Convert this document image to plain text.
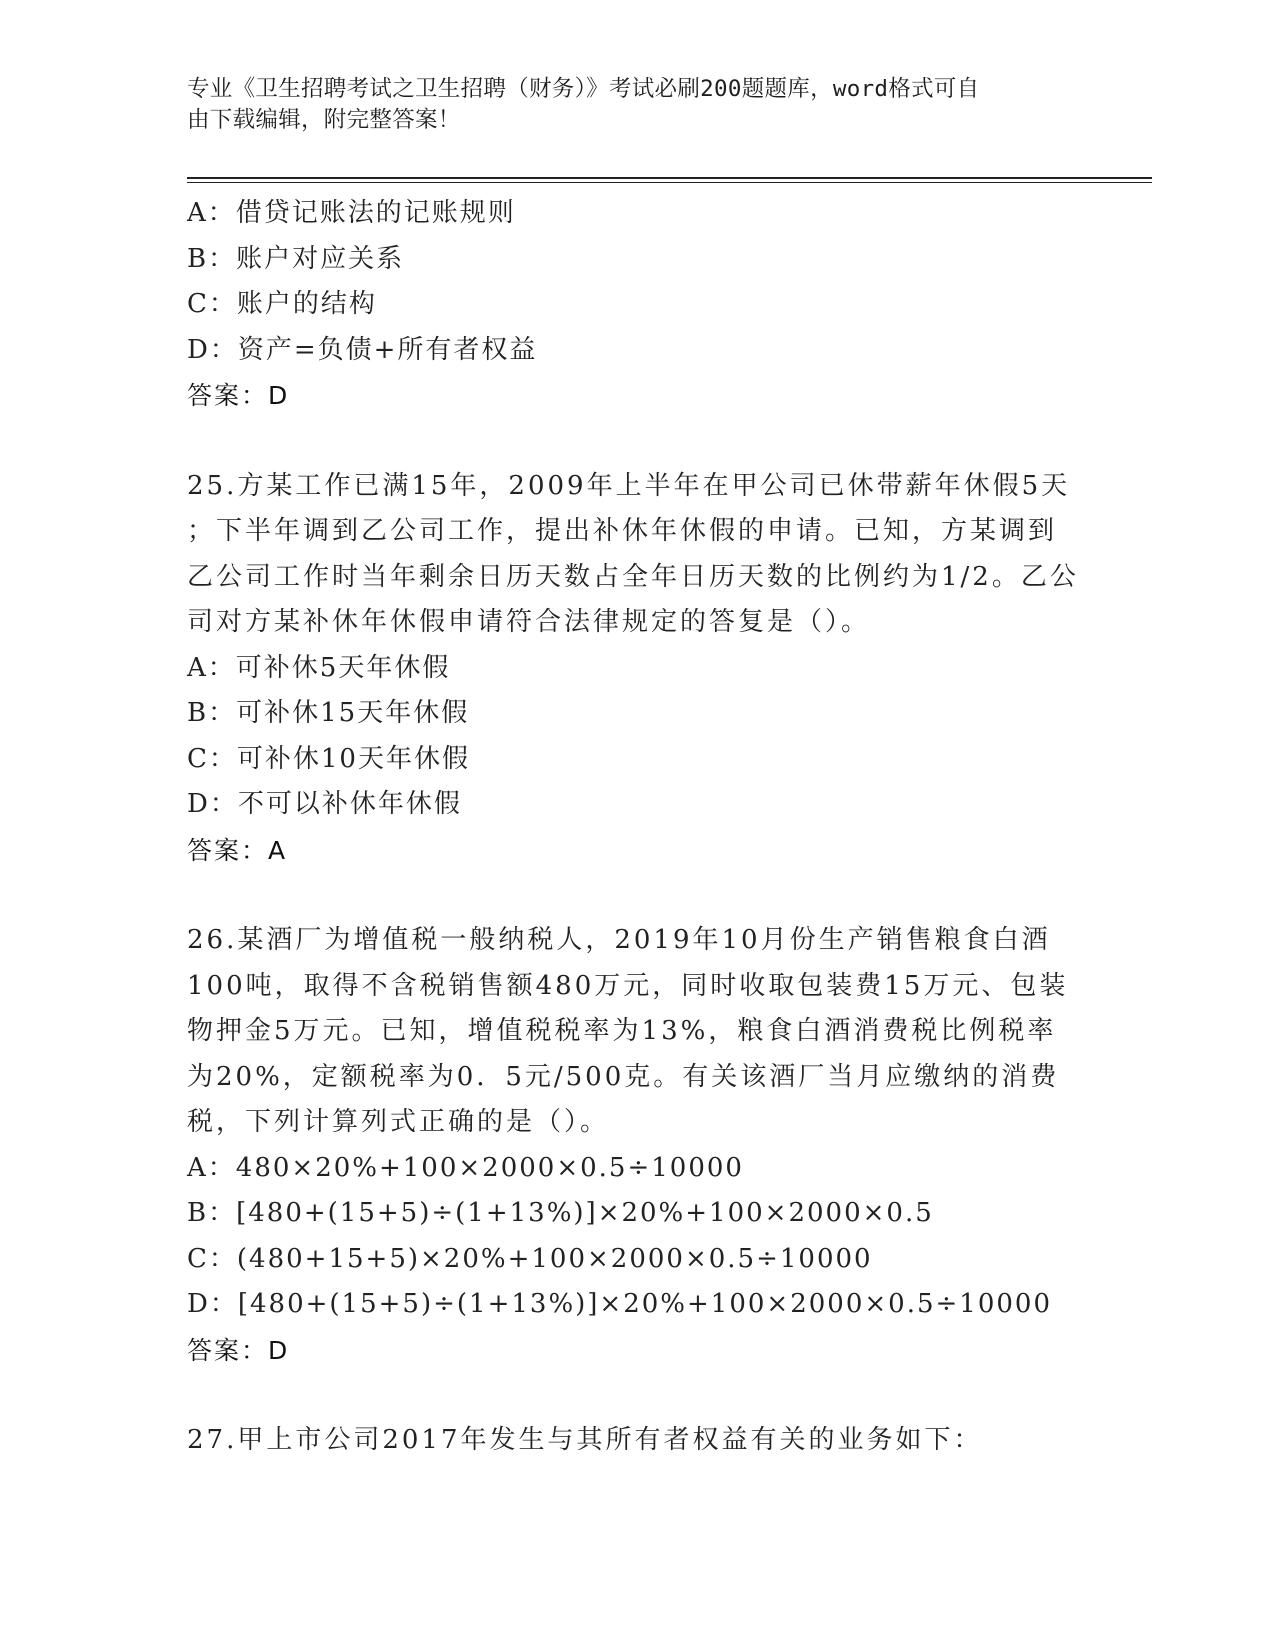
专业《卫生招聘考试之卫生招聘（财务）》考试必刷200题题库，word格式可自
由下载编辑，附完整答案！
A：借贷记账法的记账规则
B：账户对应关系
C：账户的结构
D：资产=负债+所有者权益
答案：D
25.方某工作已满15年，2009年上半年在甲公司已休带薪年休假5天
；下半年调到乙公司工作，提出补休年休假的申请。已知，方某调到
乙公司工作时当年剩余日历天数占全年日历天数的比例约为1/2。乙公
司对方某补休年休假申请符合法律规定的答复是（）。
A：可补休5天年休假
B：可补休15天年休假
C：可补休10天年休假
D：不可以补休年休假
答案：A
26.某酒厂为增值税一般纳税人，2019年10月份生产销售粮食白酒
100吨，取得不含税销售额480万元，同时收取包装费15万元、包装
物押金5万元。已知，增值税税率为13%，粮食白酒消费税比例税率
为20%，定额税率为0．5元/500克。有关该酒厂当月应缴纳的消费
税，下列计算列式正确的是（）。
A：480×20%+100×2000×0.5÷10000
B：[480+(15+5)÷(1+13%)]×20%+100×2000×0.5
C：(480+15+5)×20%+100×2000×0.5÷10000
D：[480+(15+5)÷(1+13%)]×20%+100×2000×0.5÷10000
答案：D
27.甲上市公司2017年发生与其所有者权益有关的业务如下：
